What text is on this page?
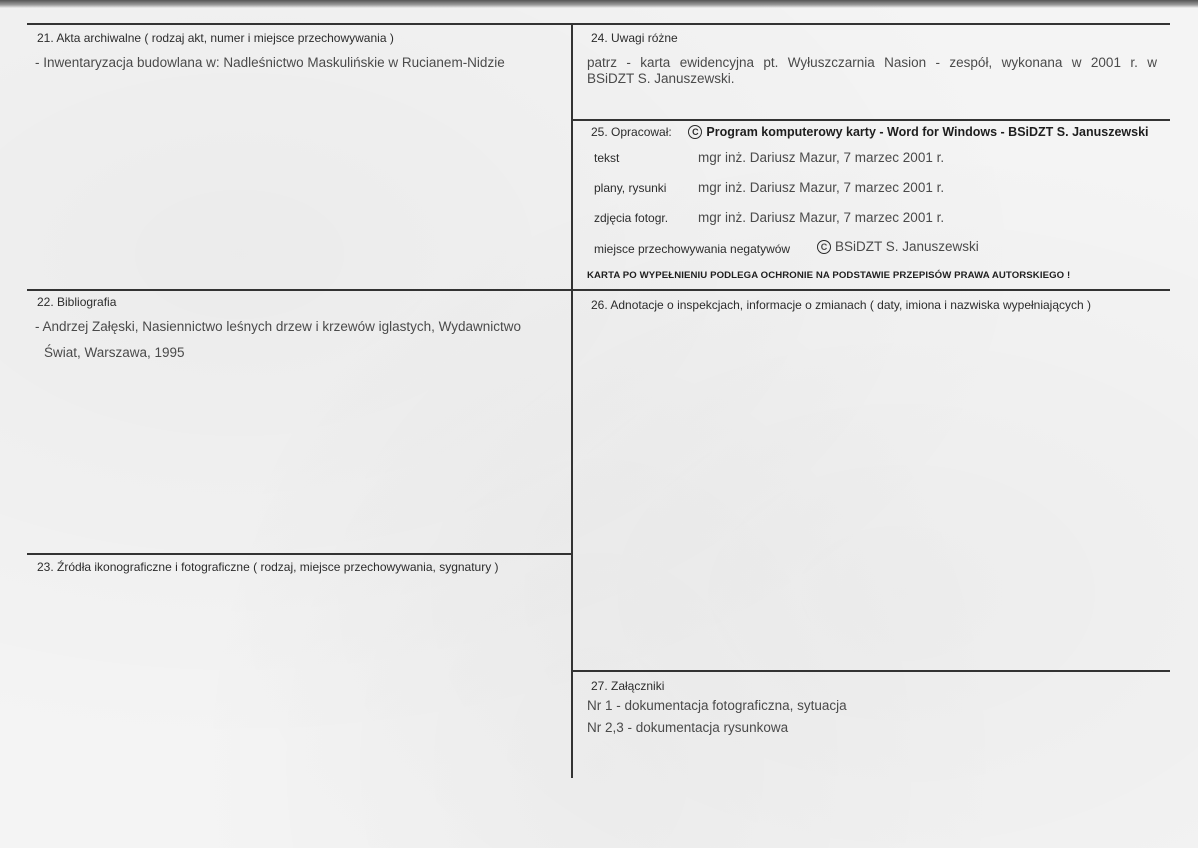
21. Akta archiwalne ( rodzaj akt, numer i miejsce przechowywania )
- Inwentaryzacja budowlana w: Nadleśnictwo Maskulińskie w Rucianem-Nidzie
22. Bibliografia
- Andrzej Załęski, Nasiennictwo leśnych drzew i krzewów iglastych, Wydawnictwo
Świat, Warszawa, 1995
23. Źródła ikonograficzne i fotograficzne ( rodzaj, miejsce przechowywania, sygnatury )
24. Uwagi różne
patrz - karta ewidencyjna pt. Wyłuszczarnia Nasion - zespół, wykonana w 2001 r. w
BSiDZT S. Januszewski.
25. Opracował: C Program komputerowy karty - Word for Windows - BSiDZT S. Januszewski
tekst	mgr inż. Dariusz Mazur, 7 marzec 2001 r.
plany, rysunki mgr inż. Dariusz Mazur, 7 marzec 2001 r.
zdjęcia fotogr. mgr inż. Dariusz Mazur, 7 marzec 2001 r.
miejsce przechowywania negatywów	C BSiDZT S. Januszewski
KARTA PO WYPEŁNIENIU PODLEGA OCHRONIE NA PODSTAWIE PRZEPISÓW PRAWA AUTORSKIEGO !
26. Adnotacje o inspekcjach, informacje o zmianach ( daty, imiona i nazwiska wypełniających )
27. Załączniki
Nr 1 - dokumentacja fotograficzna, sytuacja
Nr 2,3 - dokumentacja rysunkowa
